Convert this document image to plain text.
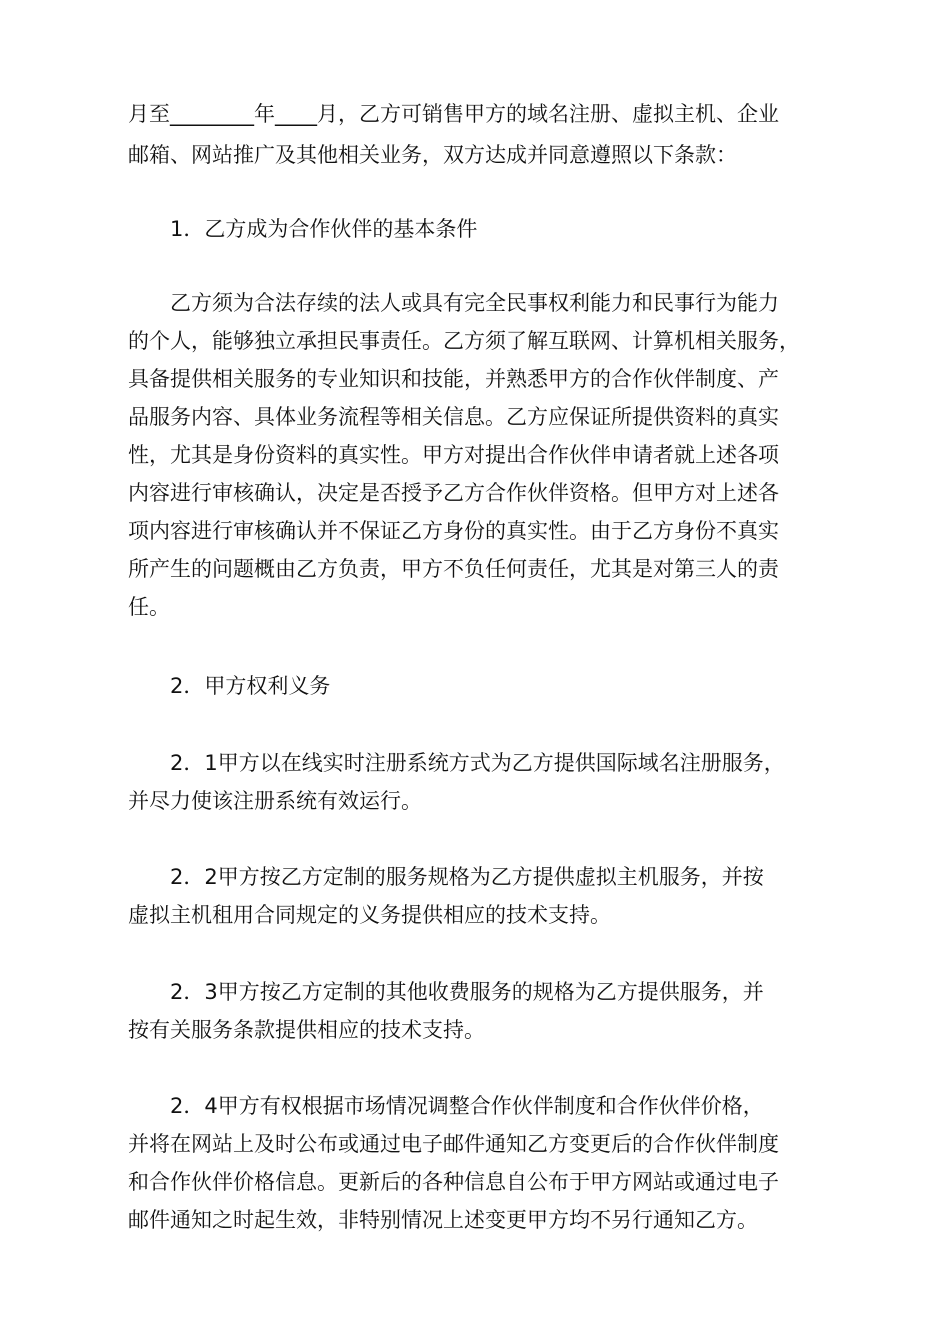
月至________年____月，乙方可销售甲方的域名注册、虚拟主机、企业
邮箱、网站推广及其他相关业务，双方达成并同意遵照以下条款：
　　1．乙方成为合作伙伴的基本条件
　　乙方须为合法存续的法人或具有完全民事权利能力和民事行为能力
的个人，能够独立承担民事责任。乙方须了解互联网、计算机相关服务，
具备提供相关服务的专业知识和技能，并熟悉甲方的合作伙伴制度、产
品服务内容、具体业务流程等相关信息。乙方应保证所提供资料的真实
性，尤其是身份资料的真实性。甲方对提出合作伙伴申请者就上述各项
内容进行审核确认，决定是否授予乙方合作伙伴资格。但甲方对上述各
项内容进行审核确认并不保证乙方身份的真实性。由于乙方身份不真实
所产生的问题概由乙方负责，甲方不负任何责任，尤其是对第三人的责
任。
　　2．甲方权利义务
　　2．1甲方以在线实时注册系统方式为乙方提供国际域名注册服务，
并尽力使该注册系统有效运行。
　　2．2甲方按乙方定制的服务规格为乙方提供虚拟主机服务，并按
虚拟主机租用合同规定的义务提供相应的技术支持。
　　2．3甲方按乙方定制的其他收费服务的规格为乙方提供服务，并
按有关服务条款提供相应的技术支持。
　　2．4甲方有权根据市场情况调整合作伙伴制度和合作伙伴价格，
并将在网站上及时公布或通过电子邮件通知乙方变更后的合作伙伴制度
和合作伙伴价格信息。更新后的各种信息自公布于甲方网站或通过电子
邮件通知之时起生效，非特别情况上述变更甲方均不另行通知乙方。
